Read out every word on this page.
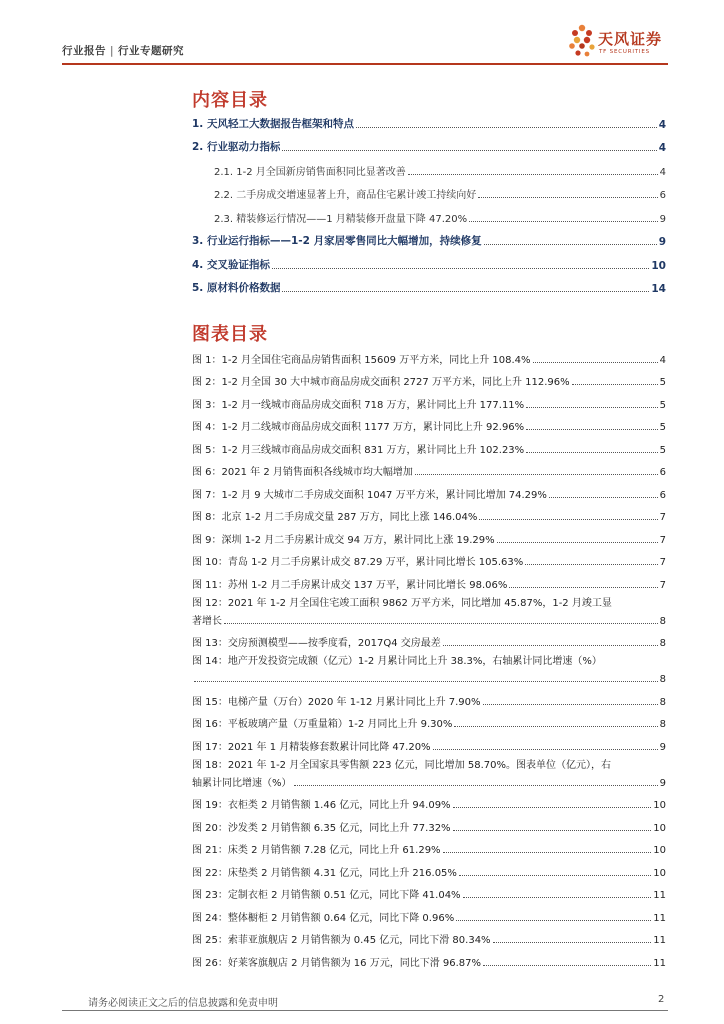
行业报告 | 行业专题研究
天风证券
TF SECURITIES
内容目录
1. 天风轻工大数据报告框架和特点	4
2. 行业驱动力指标	4
2.1. 1-2 月全国新房销售面积同比显著改善	4
2.2. 二手房成交增速显著上升，商品住宅累计竣工持续向好	6
2.3. 精装修运行情况——1 月精装修开盘量下降 47.20%	9
3. 行业运行指标——1-2 月家居零售同比大幅增加，持续修复	9
4. 交叉验证指标	10
5. 原材料价格数据	14
图表目录
图 1：1-2 月全国住宅商品房销售面积 15609 万平方米，同比上升 108.4%	4
图 2：1-2 月全国 30 大中城市商品房成交面积 2727 万平方米，同比上升 112.96%	5
图 3：1-2 月一线城市商品房成交面积 718 万方，累计同比上升 177.11%	5
图 4：1-2 月二线城市商品房成交面积 1177 万方，累计同比上升 92.96%	5
图 5：1-2 月三线城市商品房成交面积 831 万方，累计同比上升 102.23%	5
图 6：2021 年 2 月销售面积各线城市均大幅增加	6
图 7：1-2 月 9 大城市二手房成交面积 1047 万平方米，累计同比增加 74.29%	6
图 8：北京 1-2 月二手房成交量 287 万方，同比上涨 146.04%	7
图 9：深圳 1-2 月二手房累计成交 94 万方，累计同比上涨 19.29%	7
图 10：青岛 1-2 月二手房累计成交 87.29 万平，累计同比增长 105.63%	7
图 11：苏州 1-2 月二手房累计成交 137 万平，累计同比增长 98.06%	7
图 12：2021 年 1-2 月全国住宅竣工面积 9862 万平方米，同比增加 45.87%，1-2 月竣工显
著增长	8
图 13：交房预测模型——按季度看，2017Q4 交房最差	8
图 14：地产开发投资完成额（亿元）1-2 月累计同比上升 38.3%，右轴累计同比增速（%）
8
图 15：电梯产量（万台）2020 年 1-12 月累计同比上升 7.90%	8
图 16：平板玻璃产量（万重量箱）1-2 月同比上升 9.30%	8
图 17：2021 年 1 月精装修套数累计同比降 47.20%	9
图 18：2021 年 1-2 月全国家具零售额 223 亿元，同比增加 58.70%。图表单位（亿元），右
轴累计同比增速（%）	9
图 19：衣柜类 2 月销售额 1.46 亿元，同比上升 94.09%	10
图 20：沙发类 2 月销售额 6.35 亿元，同比上升 77.32%	10
图 21：床类 2 月销售额 7.28 亿元，同比上升 61.29%	10
图 22：床垫类 2 月销售额 4.31 亿元，同比上升 216.05%	10
图 23：定制衣柜 2 月销售额 0.51 亿元，同比下降 41.04%	11
图 24：整体橱柜 2 月销售额 0.64 亿元，同比下降 0.96%	11
图 25：索菲亚旗舰店 2 月销售额为 0.45 亿元，同比下滑 80.34%	11
图 26：好莱客旗舰店 2 月销售额为 16 万元，同比下滑 96.87%	11
请务必阅读正文之后的信息披露和免责申明	2
